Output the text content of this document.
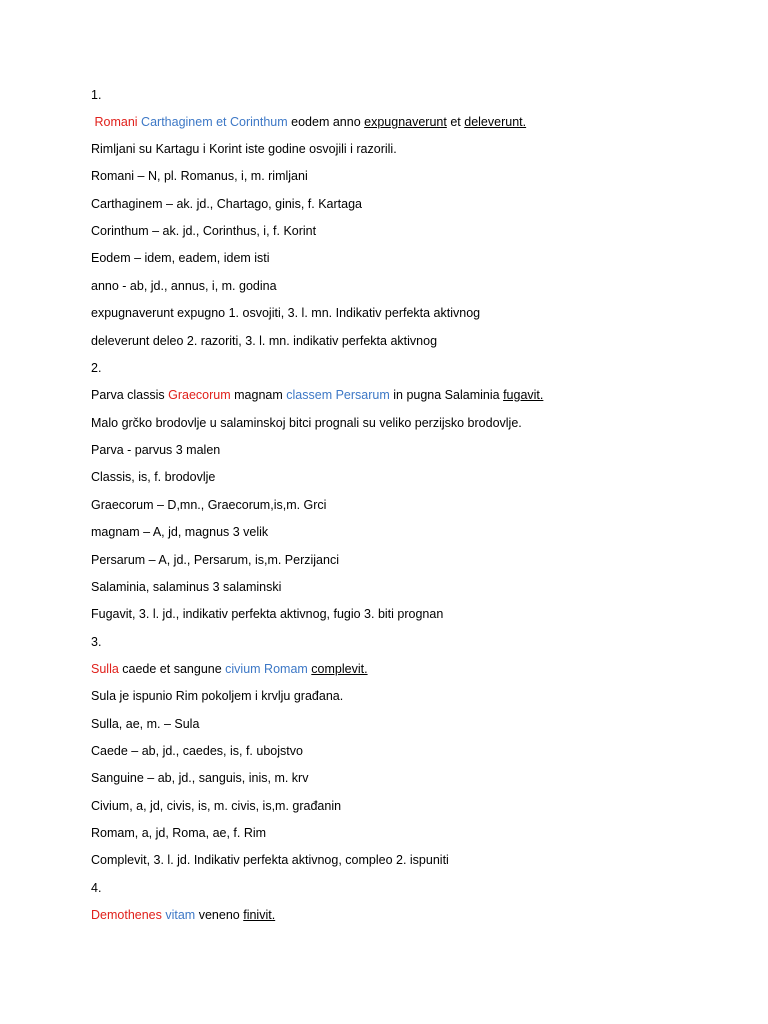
1.
Romani Carthaginem et Corinthum eodem anno expugnaverunt et deleverunt.
Rimljani su Kartagu i Korint iste godine osvojili i razorili.
Romani – N, pl. Romanus, i, m. rimljani
Carthaginem – ak. jd., Chartago, ginis, f. Kartaga
Corinthum – ak. jd., Corinthus, i, f. Korint
Eodem – idem, eadem, idem isti
anno - ab, jd., annus, i, m. godina
expugnaverunt expugno 1. osvojiti, 3. l. mn. Indikativ perfekta aktivnog
deleverunt deleo 2. razoriti, 3. l. mn. indikativ perfekta aktivnog
2.
Parva classis Graecorum magnam classem Persarum in pugna Salaminia fugavit.
Malo grčko brodovlje u salaminskoj bitci prognali su veliko perzijsko brodovlje.
Parva - parvus 3 malen
Classis, is, f. brodovlje
Graecorum – D,mn., Graecorum,is,m. Grci
magnam – A, jd, magnus 3 velik
Persarum – A, jd., Persarum, is,m. Perzijanci
Salaminia, salaminus 3 salaminski
Fugavit, 3. l. jd., indikativ perfekta aktivnog, fugio 3. biti prognan
3.
Sulla caede et sangune civium Romam complevit.
Sula je ispunio Rim pokoljem i krvlju građana.
Sulla, ae, m. – Sula
Caede – ab, jd., caedes, is, f. ubojstvo
Sanguine – ab, jd., sanguis, inis, m. krv
Civium, a, jd, civis, is, m. civis, is,m. građanin
Romam, a, jd, Roma, ae, f. Rim
Complevit, 3. l. jd. Indikativ perfekta aktivnog, compleo 2. ispuniti
4.
Demothenes vitam veneno finivit.
